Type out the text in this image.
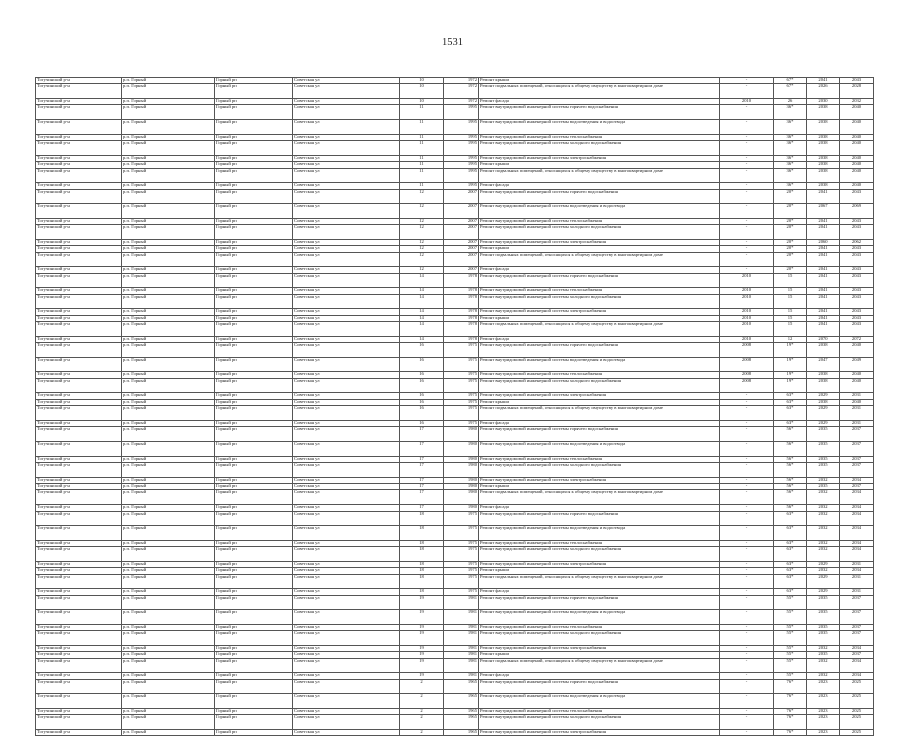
1531
Тогучинский р-н	р.п. Горный	Горный рп	Советская ул	10	1972	Ремонт крыши	-	67*	2041	2043
Тогучинский р-н	р.п. Горный	Горный рп	Советская ул	10	1972	Ремонт подвальных помещений, относящихся к общему имуществу в многоквартирном доме	-	67*	2026	2028
Тогучинский р-н	р.п. Горный	Горный рп	Советская ул	10	1972	Ремонт фасада	2010	26	2030	2032
Тогучинский р-н	р.п. Горный	Горный рп	Советская ул	11	1995	Ремонт внутридомовой инженерной системы горячего водоснабжения	-	36*	2038	2040
Тогучинский р-н	р.п. Горный	Горный рп	Советская ул	11	1995	Ремонт внутридомовой инженерной системы водоотведения и водоотвода	-	36*	2038	2040
Тогучинский р-н	р.п. Горный	Горный рп	Советская ул	11	1995	Ремонт внутридомовой инженерной системы теплоснабжения	-	36*	2038	2040
Тогучинский р-н	р.п. Горный	Горный рп	Советская ул	11	1995	Ремонт внутридомовой инженерной системы холодного водоснабжения	-	36*	2038	2040
Тогучинский р-н	р.п. Горный	Горный рп	Советская ул	11	1995	Ремонт внутридомовой инженерной системы электроснабжения	-	36*	2038	2040
Тогучинский р-н	р.п. Горный	Горный рп	Советская ул	11	1995	Ремонт крыши	-	36*	2038	2040
Тогучинский р-н	р.п. Горный	Горный рп	Советская ул	11	1995	Ремонт подвальных помещений, относящихся к общему имуществу в многоквартирном доме	-	36*	2038	2040
Тогучинский р-н	р.п. Горный	Горный рп	Советская ул	11	1995	Ремонт фасада	-	36*	2038	2040
Тогучинский р-н	р.п. Горный	Горный рп	Советская ул	12	2007	Ремонт внутридомовой инженерной системы горячего водоснабжения	-	20*	2041	2043
Тогучинский р-н	р.п. Горный	Горный рп	Советская ул	12	2007	Ремонт внутридомовой инженерной системы водоотведения и водоотвода	-	20*	2067	2069
Тогучинский р-н	р.п. Горный	Горный рп	Советская ул	12	2007	Ремонт внутридомовой инженерной системы теплоснабжения	-	20*	2041	2043
Тогучинский р-н	р.п. Горный	Горный рп	Советская ул	12	2007	Ремонт внутридомовой инженерной системы холодного водоснабжения	-	20*	2041	2043
Тогучинский р-н	р.п. Горный	Горный рп	Советская ул	12	2007	Ремонт внутридомовой инженерной системы электроснабжения	-	20*	2060	2062
Тогучинский р-н	р.п. Горный	Горный рп	Советская ул	12	2007	Ремонт крыши	-	20*	2041	2043
Тогучинский р-н	р.п. Горный	Горный рп	Советская ул	12	2007	Ремонт подвальных помещений, относящихся к общему имуществу в многоквартирном доме	-	20*	2041	2043
Тогучинский р-н	р.п. Горный	Горный рп	Советская ул	12	2007	Ремонт фасада	-	20*	2041	2043
Тогучинский р-н	р.п. Горный	Горный рп	Советская ул	14	1978	Ремонт внутридомовой инженерной системы горячего водоснабжения	2010	15	2041	2043
Тогучинский р-н	р.п. Горный	Горный рп	Советская ул	14	1978	Ремонт внутридомовой инженерной системы теплоснабжения	2010	15	2041	2043
Тогучинский р-н	р.п. Горный	Горный рп	Советская ул	14	1978	Ремонт внутридомовой инженерной системы холодного водоснабжения	2010	15	2041	2043
Тогучинский р-н	р.п. Горный	Горный рп	Советская ул	14	1978	Ремонт внутридомовой инженерной системы электроснабжения	2010	15	2041	2043
Тогучинский р-н	р.п. Горный	Горный рп	Советская ул	14	1978	Ремонт крыши	2010	15	2041	2043
Тогучинский р-н	р.п. Горный	Горный рп	Советская ул	14	1978	Ремонт подвальных помещений, относящихся к общему имуществу в многоквартирном доме	2010	15	2041	2043
Тогучинский р-н	р.п. Горный	Горный рп	Советская ул	14	1978	Ремонт фасада	2010	12	2070	2072
Тогучинский р-н	р.п. Горный	Горный рп	Советская ул	16	1975	Ремонт внутридомовой инженерной системы горячего водоснабжения	2008	19*	2038	2040
Тогучинский р-н	р.п. Горный	Горный рп	Советская ул	16	1975	Ремонт внутридомовой инженерной системы водоотведения и водоотвода	2008	19*	2047	2049
Тогучинский р-н	р.п. Горный	Горный рп	Советская ул	16	1975	Ремонт внутридомовой инженерной системы теплоснабжения	2008	19*	2038	2040
Тогучинский р-н	р.п. Горный	Горный рп	Советская ул	16	1975	Ремонт внутридомовой инженерной системы холодного водоснабжения	2008	19*	2038	2040
Тогучинский р-н	р.п. Горный	Горный рп	Советская ул	16	1975	Ремонт внутридомовой инженерной системы электроснабжения	-	63*	2029	2031
Тогучинский р-н	р.п. Горный	Горный рп	Советская ул	16	1975	Ремонт крыши	-	63*	2038	2040
Тогучинский р-н	р.п. Горный	Горный рп	Советская ул	16	1975	Ремонт подвальных помещений, относящихся к общему имуществу в многоквартирном доме	-	63*	2029	2031
Тогучинский р-н	р.п. Горный	Горный рп	Советская ул	16	1975	Ремонт фасада	-	63*	2029	2031
Тогучинский р-н	р.п. Горный	Горный рп	Советская ул	17	1980	Ремонт внутридомовой инженерной системы горячего водоснабжения	-	56*	2035	2037
Тогучинский р-н	р.п. Горный	Горный рп	Советская ул	17	1980	Ремонт внутридомовой инженерной системы водоотведения и водоотвода	-	56*	2035	2037
Тогучинский р-н	р.п. Горный	Горный рп	Советская ул	17	1980	Ремонт внутридомовой инженерной системы теплоснабжения	-	56*	2035	2037
Тогучинский р-н	р.п. Горный	Горный рп	Советская ул	17	1980	Ремонт внутридомовой инженерной системы холодного водоснабжения	-	56*	2035	2037
Тогучинский р-н	р.п. Горный	Горный рп	Советская ул	17	1980	Ремонт внутридомовой инженерной системы электроснабжения	-	56*	2032	2034
Тогучинский р-н	р.п. Горный	Горный рп	Советская ул	17	1980	Ремонт крыши	-	56*	2035	2037
Тогучинский р-н	р.п. Горный	Горный рп	Советская ул	17	1980	Ремонт подвальных помещений, относящихся к общему имуществу в многоквартирном доме	-	56*	2032	2034
Тогучинский р-н	р.п. Горный	Горный рп	Советская ул	17	1980	Ремонт фасада	-	56*	2032	2034
Тогучинский р-н	р.п. Горный	Горный рп	Советская ул	18	1975	Ремонт внутридомовой инженерной системы горячего водоснабжения	-	63*	2032	2034
Тогучинский р-н	р.п. Горный	Горный рп	Советская ул	18	1975	Ремонт внутридомовой инженерной системы водоотведения и водоотвода	-	63*	2032	2034
Тогучинский р-н	р.п. Горный	Горный рп	Советская ул	18	1975	Ремонт внутридомовой инженерной системы теплоснабжения	-	63*	2032	2034
Тогучинский р-н	р.п. Горный	Горный рп	Советская ул	18	1975	Ремонт внутридомовой инженерной системы холодного водоснабжения	-	63*	2032	2034
Тогучинский р-н	р.п. Горный	Горный рп	Советская ул	18	1975	Ремонт внутридомовой инженерной системы электроснабжения	-	63*	2029	2031
Тогучинский р-н	р.п. Горный	Горный рп	Советская ул	18	1975	Ремонт крыши	-	63*	2032	2034
Тогучинский р-н	р.п. Горный	Горный рп	Советская ул	18	1975	Ремонт подвальных помещений, относящихся к общему имуществу в многоквартирном доме	-	63*	2029	2031
Тогучинский р-н	р.п. Горный	Горный рп	Советская ул	18	1975	Ремонт фасада	-	63*	2029	2031
Тогучинский р-н	р.п. Горный	Горный рп	Советская ул	19	1981	Ремонт внутридомовой инженерной системы горячего водоснабжения	-	55*	2035	2037
Тогучинский р-н	р.п. Горный	Горный рп	Советская ул	19	1981	Ремонт внутридомовой инженерной системы водоотведения и водоотвода	-	55*	2035	2037
Тогучинский р-н	р.п. Горный	Горный рп	Советская ул	19	1981	Ремонт внутридомовой инженерной системы теплоснабжения	-	55*	2035	2037
Тогучинский р-н	р.п. Горный	Горный рп	Советская ул	19	1981	Ремонт внутридомовой инженерной системы холодного водоснабжения	-	55*	2035	2037
Тогучинский р-н	р.п. Горный	Горный рп	Советская ул	19	1981	Ремонт внутридомовой инженерной системы электроснабжения	-	55*	2032	2034
Тогучинский р-н	р.п. Горный	Горный рп	Советская ул	19	1981	Ремонт крыши	-	55*	2035	2037
Тогучинский р-н	р.п. Горный	Горный рп	Советская ул	19	1981	Ремонт подвальных помещений, относящихся к общему имуществу в многоквартирном доме	-	55*	2032	2034
Тогучинский р-н	р.п. Горный	Горный рп	Советская ул	19	1981	Ремонт фасада	-	55*	2032	2034
Тогучинский р-н	р.п. Горный	Горный рп	Советская ул	2	1965	Ремонт внутридомовой инженерной системы горячего водоснабжения	-	76*	2023	2025
Тогучинский р-н	р.п. Горный	Горный рп	Советская ул	2	1965	Ремонт внутридомовой инженерной системы водоотведения и водоотвода	-	76*	2023	2025
Тогучинский р-н	р.п. Горный	Горный рп	Советская ул	2	1965	Ремонт внутридомовой инженерной системы теплоснабжения	-	76*	2023	2025
Тогучинский р-н	р.п. Горный	Горный рп	Советская ул	2	1965	Ремонт внутридомовой инженерной системы холодного водоснабжения	-	76*	2023	2025
Тогучинский р-н	р.п. Горный	Горный рп	Советская ул	2	1965	Ремонт внутридомовой инженерной системы электроснабжения	-	76*	2023	2025
